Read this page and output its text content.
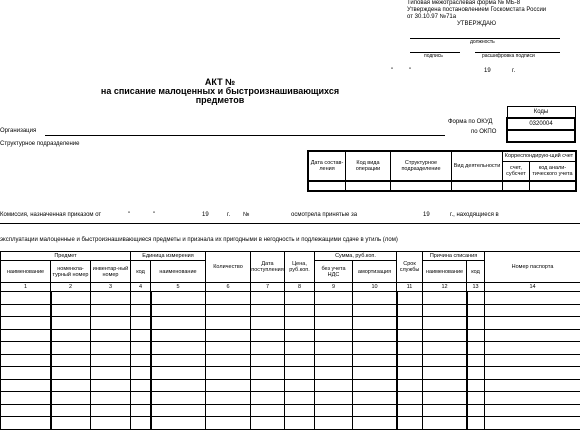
Типовая межотраслевая форма № МБ-8
Утверждена постановлением Госкомстата России
от 30.10.97 №71а
УТВЕРЖДАЮ
должность
подпись	расшифровка подписи
"	"	19	г.
АКТ №
на списание малоценных и быстроизнашивающихся
предметов
Коды
0320004

Форма по ОКУД
по ОКПО
Организация
Структурное подразделение
Дата состав-ления	Код вида операции	Структурное подразделение	Вид деятельности	Корреспондирую-щий счет	
				счет, субсчет	код анали-тического учета

Комиссия, назначенная приказом от	"	"	19	г. №	осмотрела принятые за	19	г., находящиеся в
эксплуатации малоценные и быстроизнашивающиеся предметы и признала их пригодными в негодность и подлежащими сдаче в утиль (лом)
Предмет			Единица измерения		Количество	Дата поступления	Цена, руб.коп.	Сумма, руб.коп.		Срок службы	Причина списания		Номер паспорта
наименование	номенкла-турный номер	инвентар-ный номер	код	наименование				без учета НДС	амортизация		наименование	код	
1	2	3	4	5	6	7	8	9	10	11	12	13	14
